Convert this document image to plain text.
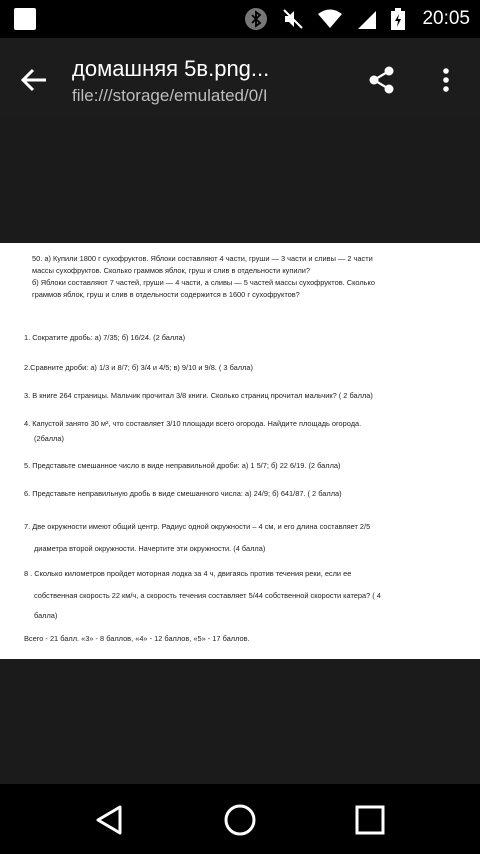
20:05
домашняя 5в.png...
file:///storage/emulated/0/I

50. а) Купили 1800 г сухофруктов. Яблоки составляют 4 части, груши — 3 части и сливы — 2 части

массы сухофруктов. Сколько граммов яблок, груш и слив в отдельности купили?

б) Яблоки составляют 7 частей, груши — 4 части, а сливы — 5 частей массы сухофруктов. Сколько

граммов яблок, груш и слив в отдельности содержится в 1600 г сухофруктов?

1. Сократите дробь: а) 7/35; б) 16/24. (2 балла)

2.Сравните дроби: а) 1/3 и 8/7; б) 3/4 и 4/5; в) 9/10 и 9/8. ( 3 балла)

3. В книге 264 страницы. Мальчик прочитал 3/8 книги. Сколько страниц прочитал мальчик? ( 2 балла)

4. Капустой занято 30 м², что составляет 3/10 площади всего огорода. Найдите площадь огорода.

(2балла)

5. Представьте смешанное число в виде неправильной дроби: а) 1 5/7; б) 22 6/19. (2 балла)

6. Представьте неправильную дробь в виде смешанного числа: а) 24/9; б) 641/87. ( 2 балла)

7. Две окружности имеют общий центр. Радиус одной окружности – 4 см, и его длина составляет 2/5

диаметра второй окружности. Начертите эти окружности. (4 балла)

8 . Сколько километров пройдет моторная лодка за 4 ч, двигаясь против течения реки, если ее

собственная скорость 22 км/ч, а скорость течения составляет 5/44 собственной скорости катера? ( 4

балла)

Всего - 21 балл. «3» - 8 баллов, «4» - 12 баллов, «5» - 17 баллов.
